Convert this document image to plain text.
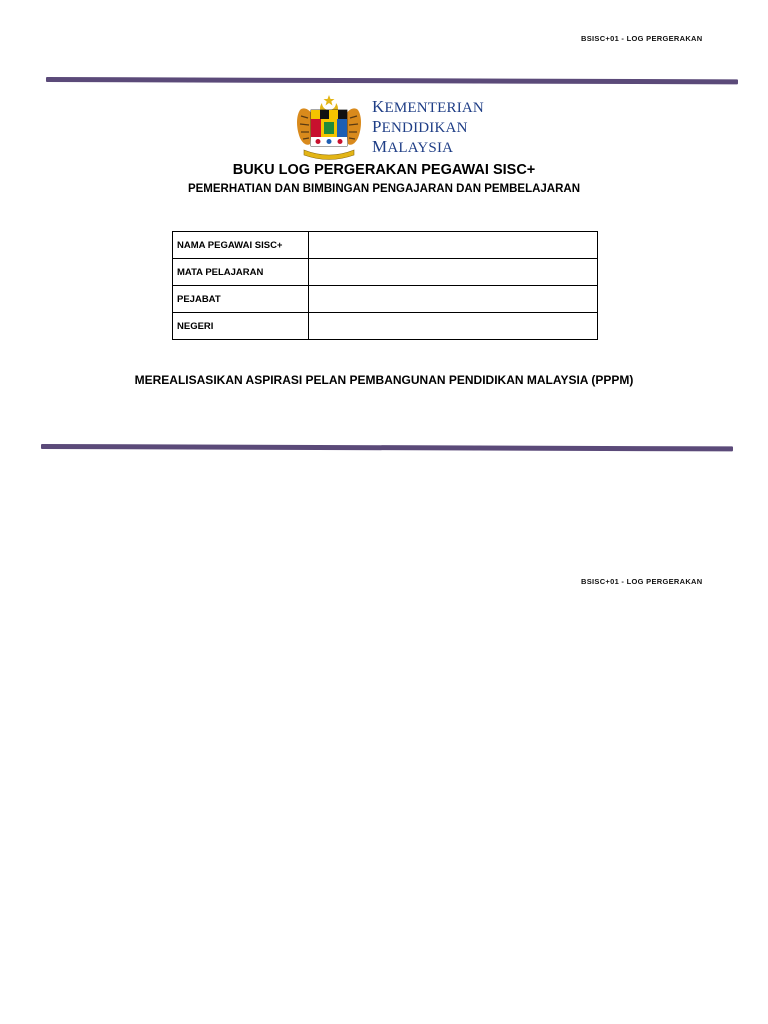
BSISC+01 - LOG PERGERAKAN
KEMENTERIAN
PENDIDIKAN
MALAYSIA
BUKU LOG PERGERAKAN PEGAWAI SISC+
PEMERHATIAN DAN BIMBINGAN PENGAJARAN DAN PEMBELAJARAN
NAMA PEGAWAI SISC+	
MATA PELAJARAN	
PEJABAT	
NEGERI	
MEREALISASIKAN ASPIRASI PELAN PEMBANGUNAN PENDIDIKAN MALAYSIA (PPPM)
BSISC+01 - LOG PERGERAKAN
